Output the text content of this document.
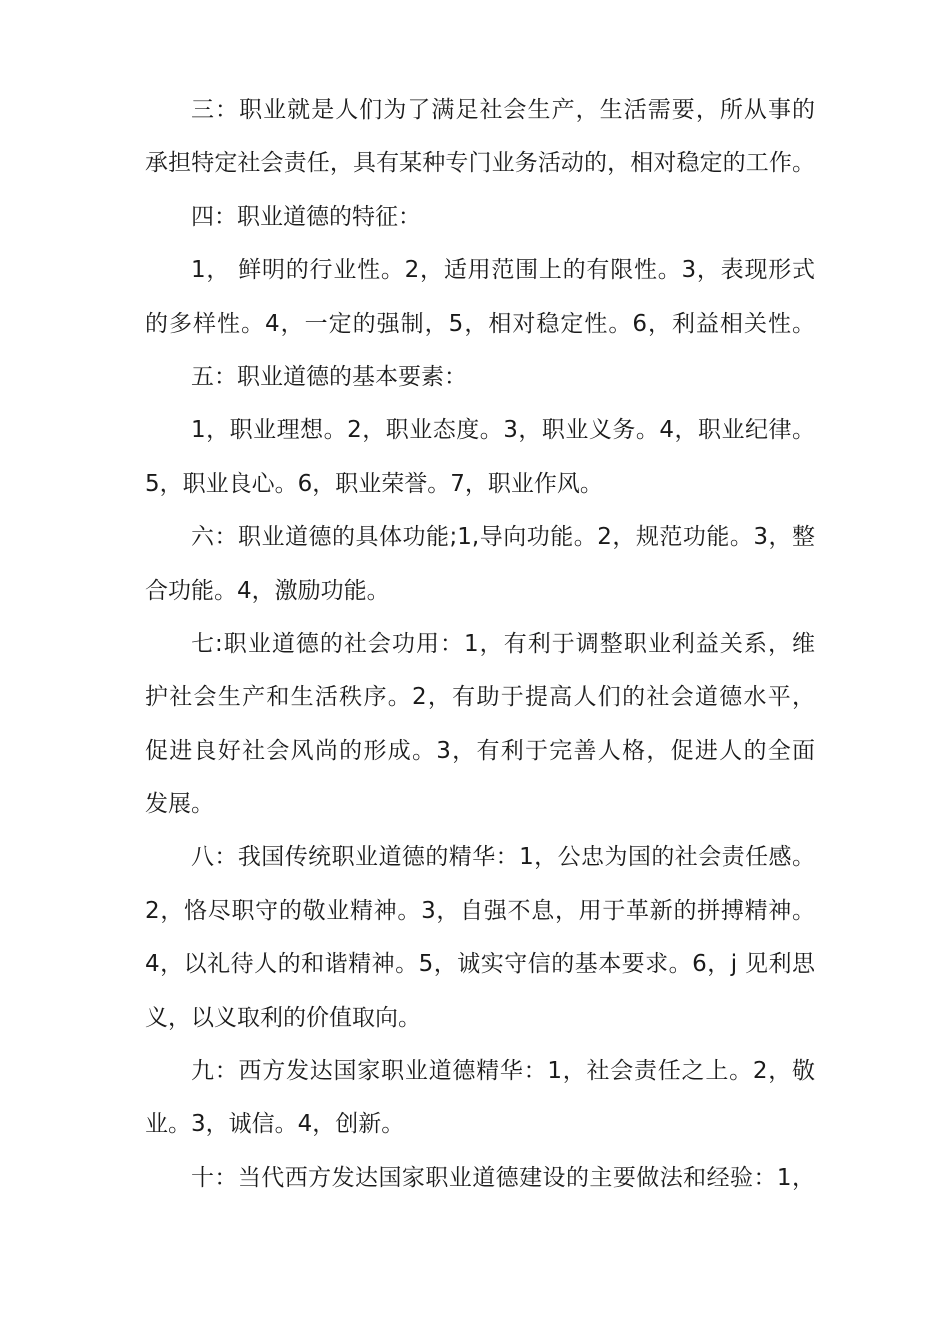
三：职业就是人们为了满足社会生产，生活需要，所从事的
承担特定社会责任，具有某种专门业务活动的，相对稳定的工作。
四：职业道德的特征：
1， 鲜明的行业性。2，适用范围上的有限性。3，表现形式
的多样性。4，一定的强制，5，相对稳定性。6，利益相关性。
五：职业道德的基本要素：
1，职业理想。2，职业态度。3，职业义务。4，职业纪律。
5，职业良心。6，职业荣誉。7，职业作风。
六：职业道德的具体功能;1,导向功能。2，规范功能。3，整
合功能。4，激励功能。
七:职业道德的社会功用：1，有利于调整职业利益关系，维
护社会生产和生活秩序。2，有助于提高人们的社会道德水平，
促进良好社会风尚的形成。3，有利于完善人格，促进人的全面
发展。
八：我国传统职业道德的精华：1，公忠为国的社会责任感。
2，恪尽职守的敬业精神。3，自强不息，用于革新的拼搏精神。
4，以礼待人的和谐精神。5，诚实守信的基本要求。6，j 见利思
义，以义取利的价值取向。
九：西方发达国家职业道德精华：1，社会责任之上。2，敬
业。3，诚信。4，创新。
十：当代西方发达国家职业道德建设的主要做法和经验：1，
